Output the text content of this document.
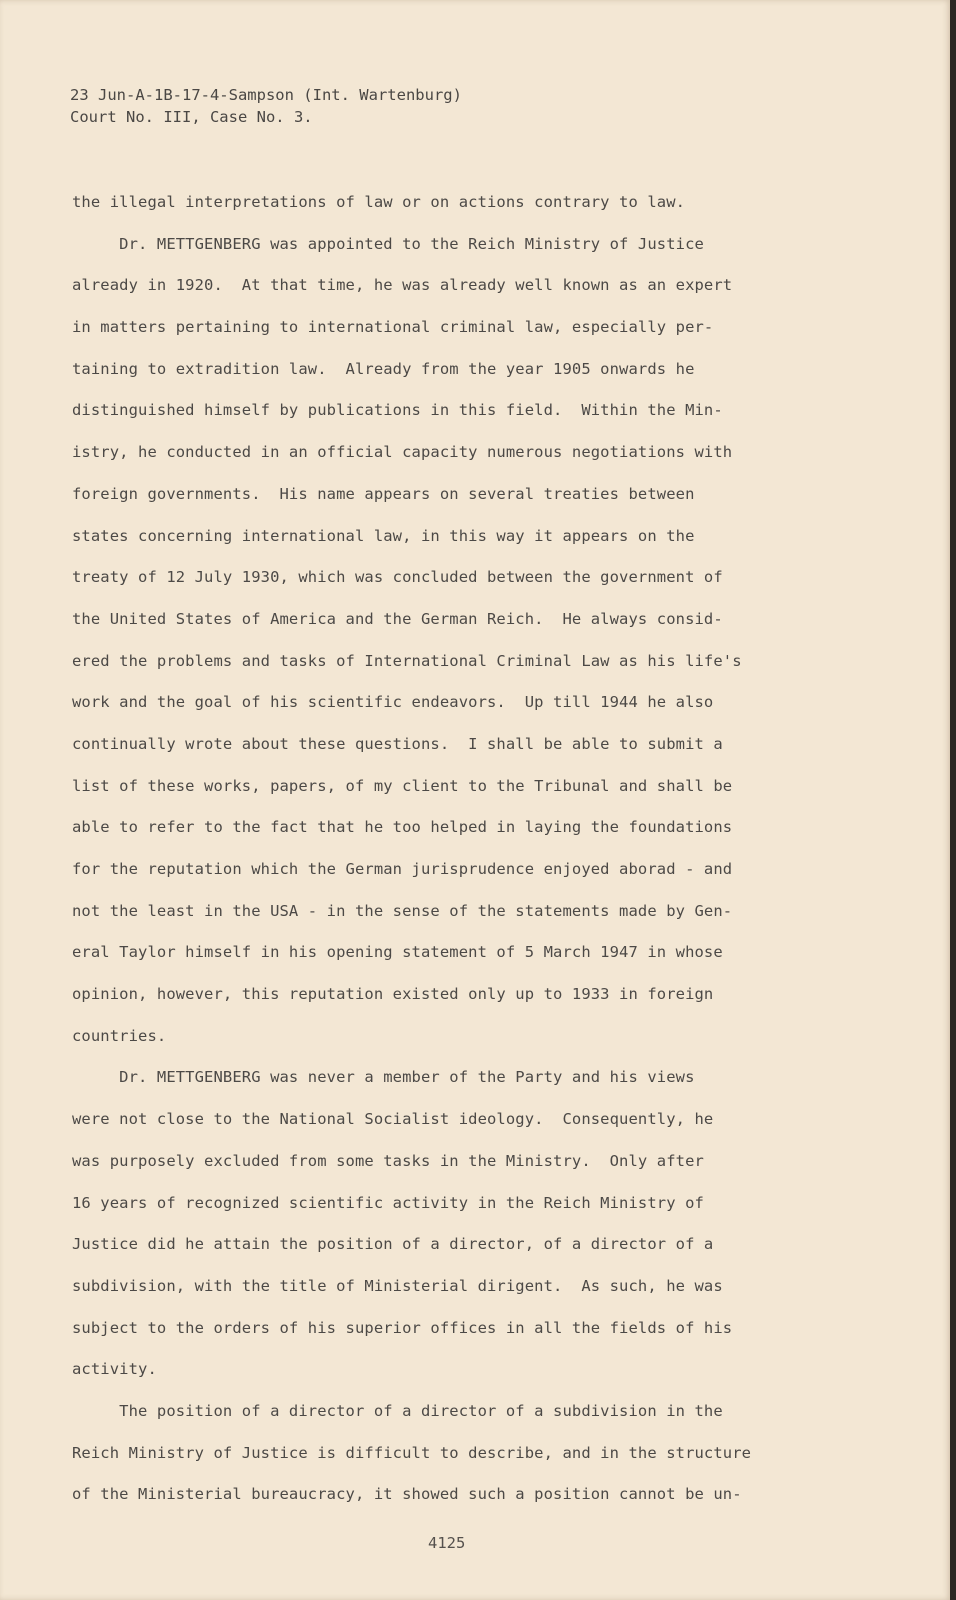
23 Jun-A-1B-17-4-Sampson (Int. Wartenburg)
Court No. III, Case No. 3.
the illegal interpretations of law or on actions contrary to law.
Dr. METTGENBERG was appointed to the Reich Ministry of Justice
already in 1920.  At that time, he was already well known as an expert
in matters pertaining to international criminal law, especially per-
taining to extradition law.  Already from the year 1905 onwards he
distinguished himself by publications in this field.  Within the Min-
istry, he conducted in an official capacity numerous negotiations with
foreign governments.  His name appears on several treaties between
states concerning international law, in this way it appears on the
treaty of 12 July 1930, which was concluded between the government of
the United States of America and the German Reich.  He always consid-
ered the problems and tasks of International Criminal Law as his life's
work and the goal of his scientific endeavors.  Up till 1944 he also
continually wrote about these questions.  I shall be able to submit a
list of these works, papers, of my client to the Tribunal and shall be
able to refer to the fact that he too helped in laying the foundations
for the reputation which the German jurisprudence enjoyed aborad - and
not the least in the USA - in the sense of the statements made by Gen-
eral Taylor himself in his opening statement of 5 March 1947 in whose
opinion, however, this reputation existed only up to 1933 in foreign
countries.
Dr. METTGENBERG was never a member of the Party and his views
were not close to the National Socialist ideology.  Consequently, he
was purposely excluded from some tasks in the Ministry.  Only after
16 years of recognized scientific activity in the Reich Ministry of
Justice did he attain the position of a director, of a director of a
subdivision, with the title of Ministerial dirigent.  As such, he was
subject to the orders of his superior offices in all the fields of his
activity.
The position of a director of a director of a subdivision in the
Reich Ministry of Justice is difficult to describe, and in the structure
of the Ministerial bureaucracy, it showed such a position cannot be un-
4125
